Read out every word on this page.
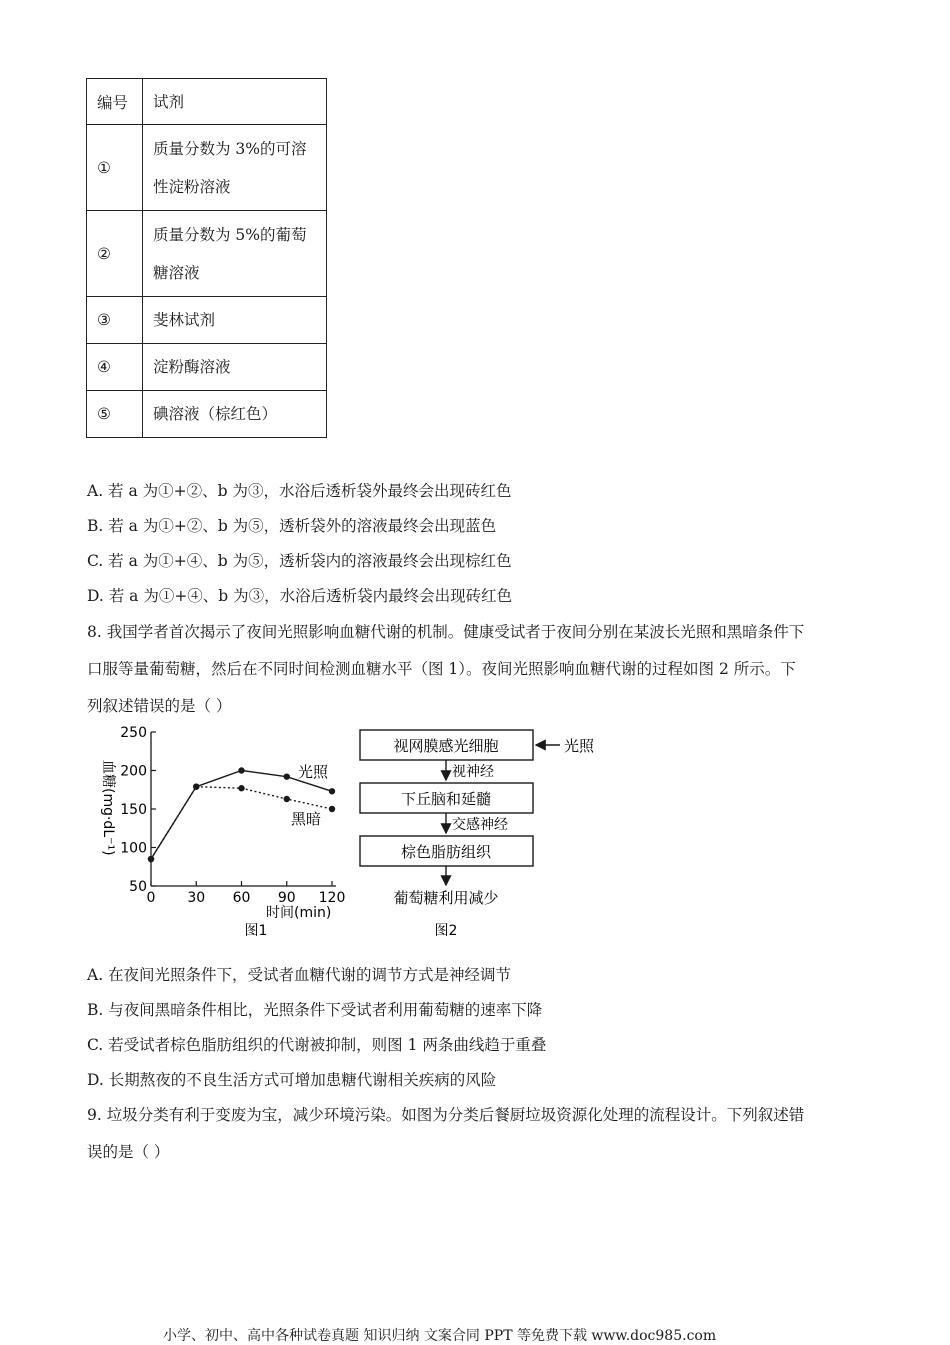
编号	试剂
①	质量分数为 3%的可溶
性淀粉溶液

②	质量分数为 5%的葡萄
糖溶液

③	斐林试剂
④	淀粉酶溶液
⑤	碘溶液（棕红色）
A. 若 a 为①+②、b 为③，水浴后透析袋外最终会出现砖红色
B. 若 a 为①+②、b 为⑤，透析袋外的溶液最终会出现蓝色
C. 若 a 为①+④、b 为⑤，透析袋内的溶液最终会出现棕红色
D. 若 a 为①+④、b 为③，水浴后透析袋内最终会出现砖红色
8. 我国学者首次揭示了夜间光照影响血糖代谢的机制。健康受试者于夜间分别在某波长光照和黑暗条件下
口服等量葡萄糖，然后在不同时间检测血糖水平（图 1）。夜间光照影响血糖代谢的过程如图 2 所示。下
列叙述错误的是（ ）
50
100
150
200
250
0 30 60 90 120
光照
黑暗
时间(min)
图1
血糖(mg·dL⁻¹)
视网膜感光细胞	光照
视神经
下丘脑和延髓
交感神经
棕色脂肪组织
葡萄糖利用减少
图2
A. 在夜间光照条件下，受试者血糖代谢的调节方式是神经调节
B. 与夜间黑暗条件相比，光照条件下受试者利用葡萄糖的速率下降
C. 若受试者棕色脂肪组织的代谢被抑制，则图 1 两条曲线趋于重叠
D. 长期熬夜的不良生活方式可增加患糖代谢相关疾病的风险
9. 垃圾分类有利于变废为宝，减少环境污染。如图为分类后餐厨垃圾资源化处理的流程设计。下列叙述错
误的是（ ）
小学、初中、高中各种试卷真题 知识归纳 文案合同 PPT 等免费下载 www.doc985.com
